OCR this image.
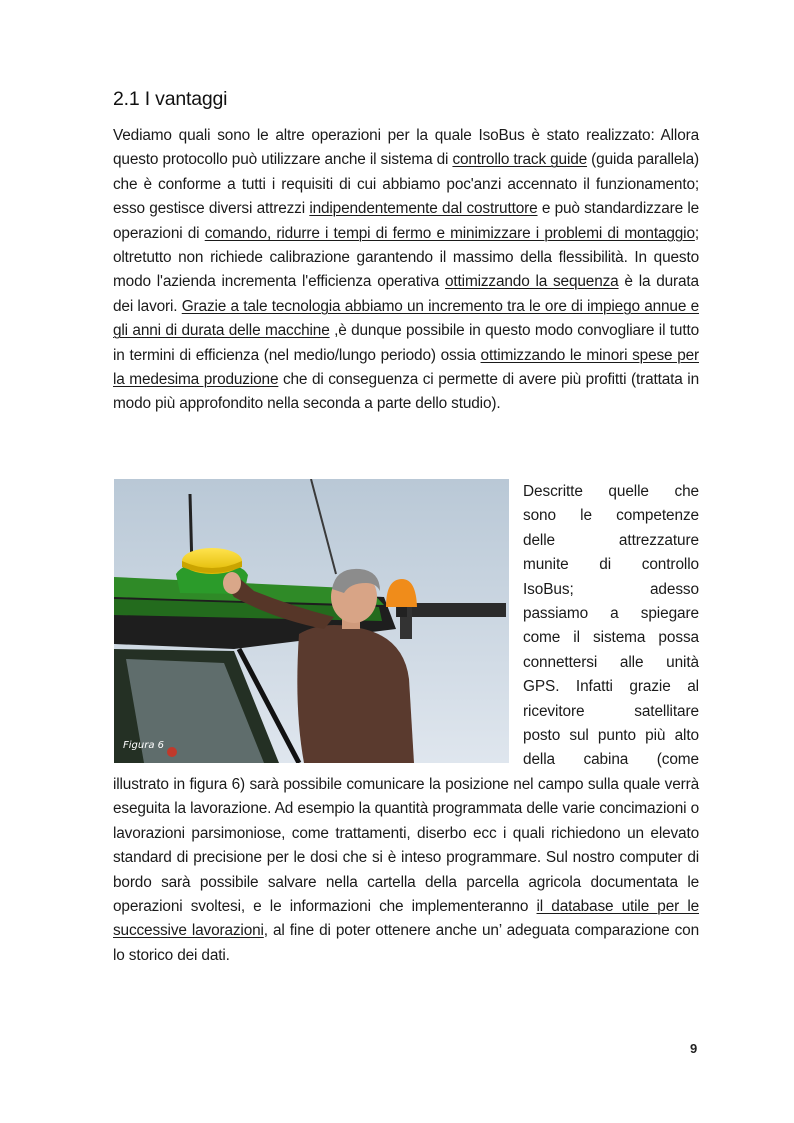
2.1 I vantaggi
Vediamo quali sono le altre operazioni per la quale IsoBus è stato realizzato: Allora questo protocollo può utilizzare anche il sistema di controllo track guide (guida parallela) che è conforme a tutti i requisiti di cui abbiamo poc'anzi accennato il funzionamento; esso gestisce diversi attrezzi indipendentemente dal costruttore e può standardizzare le operazioni di comando, ridurre i tempi di fermo e minimizzare i problemi di montaggio; oltretutto non richiede calibrazione garantendo il massimo della flessibilità. In questo modo l'azienda incrementa l'efficienza operativa ottimizzando la sequenza è la durata dei lavori. Grazie a tale tecnologia abbiamo un incremento tra le ore di impiego annue e gli anni di durata delle macchine ,è dunque possibile in questo modo convogliare il tutto in termini di efficienza (nel medio/lungo periodo) ossia ottimizzando le minori spese per la medesima produzione che di conseguenza ci permette di avere più profitti (trattata in modo più approfondito nella seconda a parte dello studio).
Figura 6
Descritte quelle che
sono le competenze
delle attrezzature
munite di controllo
IsoBus; adesso
passiamo a spiegare
come il sistema possa
connettersi alle unità
GPS. Infatti grazie al
ricevitore satellitare
posto sul punto più alto
della cabina (come
illustrato in figura 6) sarà possibile comunicare la posizione nel campo sulla quale verrà eseguita la lavorazione. Ad esempio la quantità programmata delle varie concimazioni o lavorazioni parsimoniose, come trattamenti, diserbo ecc i quali richiedono un elevato standard di precisione per le dosi che si è inteso programmare. Sul nostro computer di bordo sarà possibile salvare nella cartella della parcella agricola documentata le operazioni svoltesi, e le informazioni che implementeranno il database utile per le successive lavorazioni, al fine di poter ottenere anche un’ adeguata comparazione con lo storico dei dati.
9
